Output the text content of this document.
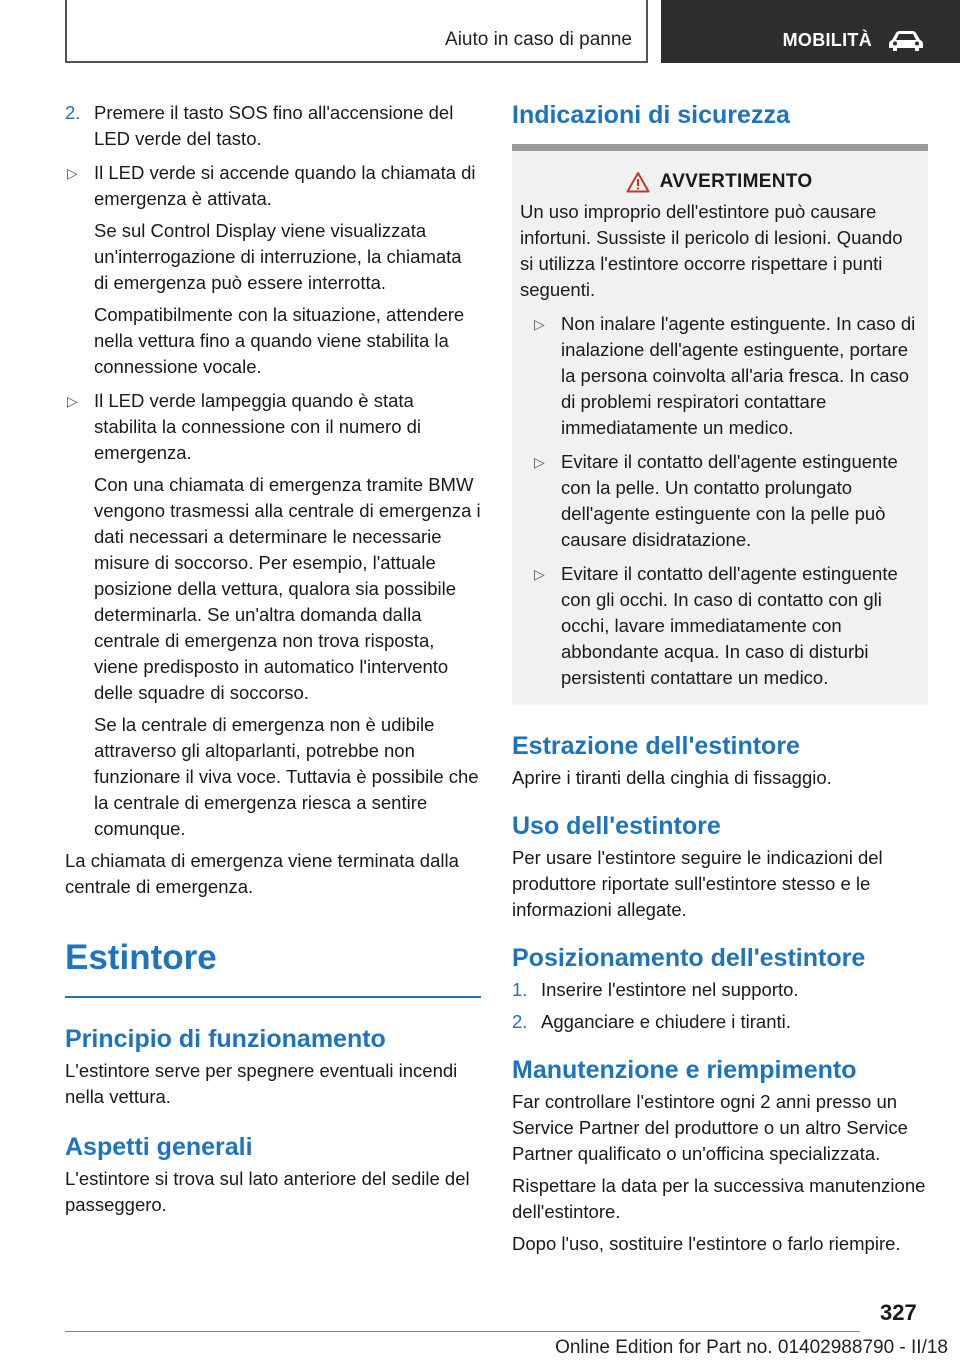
Aiuto in caso di panne	MOBILITÀ
2. Premere il tasto SOS fino all'accensione del LED verde del tasto.

▷ Il LED verde si accende quando la chiamata di emergenza è attivata.

Se sul Control Display viene visualizzata un'interrogazione di interruzione, la chiamata di emergenza può essere interrotta.

Compatibilmente con la situazione, attendere nella vettura fino a quando viene stabilita la connessione vocale.

▷ Il LED verde lampeggia quando è stata stabilita la connessione con il numero di emergenza.

Con una chiamata di emergenza tramite BMW vengono trasmessi alla centrale di emergenza i dati necessari a determinare le necessarie misure di soccorso. Per esempio, l'attuale posizione della vettura, qualora sia possibile determinarla. Se un'altra domanda dalla centrale di emergenza non trova risposta, viene predisposto in automatico l'intervento delle squadre di soccorso.

Se la centrale di emergenza non è udibile attraverso gli altoparlanti, potrebbe non funzionare il viva voce. Tuttavia è possibile che la centrale di emergenza riesca a sentire comunque.

La chiamata di emergenza viene terminata dalla centrale di emergenza.

Estintore
Principio di funzionamento

L'estintore serve per spegnere eventuali incendi nella vettura.

Aspetti generali

L'estintore si trova sul lato anteriore del sedile del passeggero.

Indicazioni di sicurezza
AVVERTIMENTO

Un uso improprio dell'estintore può causare infortuni. Sussiste il pericolo di lesioni. Quando si utilizza l'estintore occorre rispettare i punti seguenti.

▷ Non inalare l'agente estinguente. In caso di inalazione dell'agente estinguente, portare la persona coinvolta all'aria fresca. In caso di problemi respiratori contattare immediatamente un medico.

▷ Evitare il contatto dell'agente estinguente con la pelle. Un contatto prolungato dell'agente estinguente con la pelle può causare disidratazione.

▷ Evitare il contatto dell'agente estinguente con gli occhi. In caso di contatto con gli occhi, lavare immediatamente con abbondante acqua. In caso di disturbi persistenti contattare un medico.

Estrazione dell'estintore

Aprire i tiranti della cinghia di fissaggio.

Uso dell'estintore

Per usare l'estintore seguire le indicazioni del produttore riportate sull'estintore stesso e le informazioni allegate.

Posizionamento dell'estintore
1. Inserire l'estintore nel supporto.

2. Agganciare e chiudere i tiranti.

Manutenzione e riempimento

Far controllare l'estintore ogni 2 anni presso un Service Partner del produttore o un altro Service Partner qualificato o un'officina specializzata.

Rispettare la data per la successiva manutenzione dell'estintore.

Dopo l'uso, sostituire l'estintore o farlo riempire.

327
Online Edition for Part no. 01402988790 - II/18
